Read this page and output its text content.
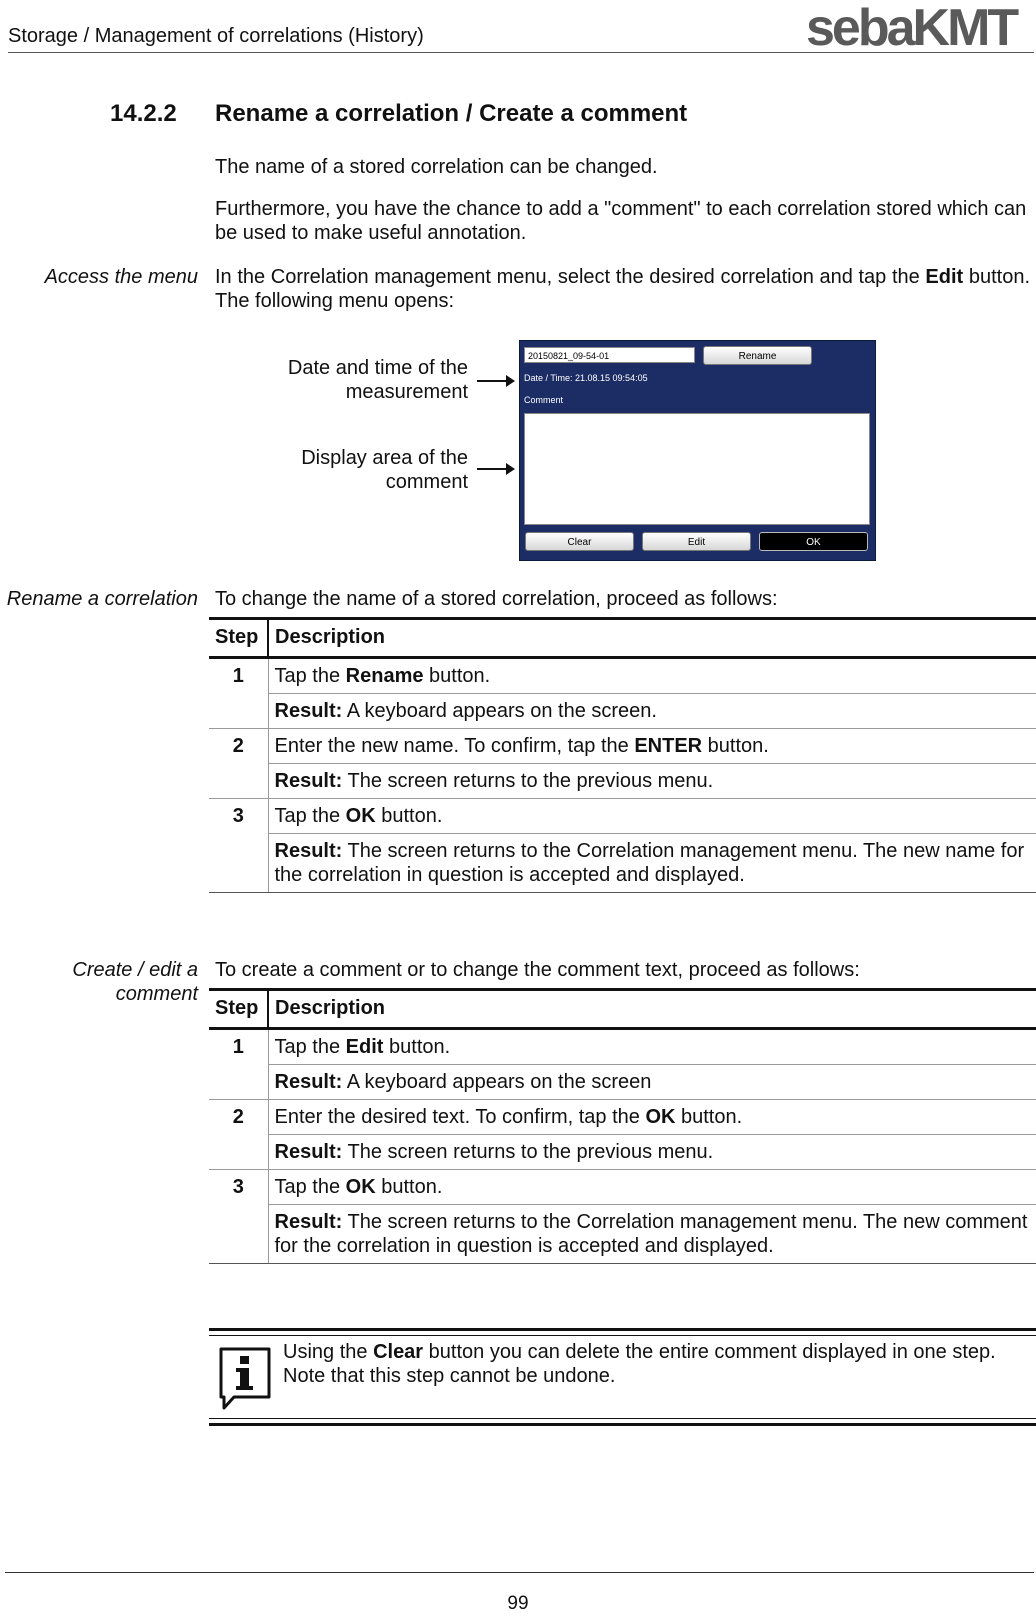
Storage / Management of correlations (History)	sebaKMT
14.2.2 Rename a correlation / Create a comment
The name of a stored correlation can be changed.
Furthermore, you have the chance to add a "comment" to each correlation stored which can be used to make useful annotation.
Access the menu In the Correlation management menu, select the desired correlation and tap the Edit button. The following menu opens:
Date and time of the measurement
Display area of the comment
20150821_09-54-01	Rename
Date / Time: 21.08.15 09:54:05
Comment
Clear	Edit	OK
Rename a correlation To change the name of a stored correlation, proceed as follows:
Step	Description
1	Tap the Rename button.
	Result: A keyboard appears on the screen.
2	Enter the new name. To confirm, tap the ENTER button.
	Result: The screen returns to the previous menu.
3	Tap the OK button.
	Result: The screen returns to the Correlation management menu. The new name for the correlation in question is accepted and displayed.
Create / edit a comment
To create a comment or to change the comment text, proceed as follows:
Step	Description
1	Tap the Edit button.
	Result: A keyboard appears on the screen
2	Enter the desired text. To confirm, tap the OK button.
	Result: The screen returns to the previous menu.
3	Tap the OK button.
	Result: The screen returns to the Correlation management menu. The new comment for the correlation in question is accepted and displayed.
Using the Clear button you can delete the entire comment displayed in one step. Note that this step cannot be undone.
99
